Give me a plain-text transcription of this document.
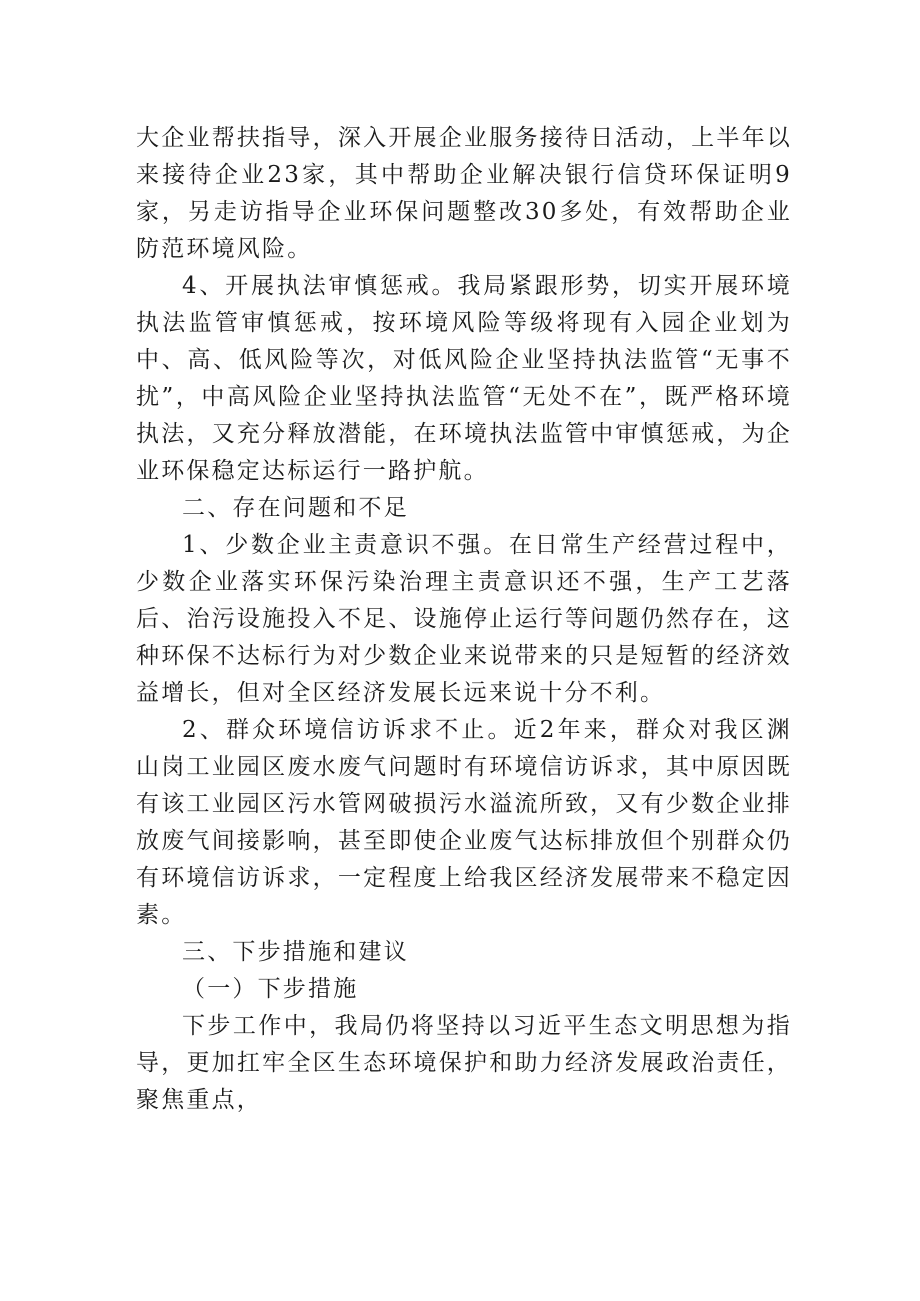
大企业帮扶指导，深入开展企业服务接待日活动，上半年以来接待企业23家，其中帮助企业解决银行信贷环保证明9家，另走访指导企业环保问题整改30多处，有效帮助企业防范环境风险。

4、开展执法审慎惩戒。我局紧跟形势，切实开展环境执法监管审慎惩戒，按环境风险等级将现有入园企业划为中、高、低风险等次，对低风险企业坚持执法监管“无事不扰”，中高风险企业坚持执法监管“无处不在”，既严格环境执法，又充分释放潜能，在环境执法监管中审慎惩戒，为企业环保稳定达标运行一路护航。

二、存在问题和不足

1、少数企业主责意识不强。在日常生产经营过程中，少数企业落实环保污染治理主责意识还不强，生产工艺落后、治污设施投入不足、设施停止运行等问题仍然存在，这种环保不达标行为对少数企业来说带来的只是短暂的经济效益增长，但对全区经济发展长远来说十分不利。

2、群众环境信访诉求不止。近2年来，群众对我区渊山岗工业园区废水废气问题时有环境信访诉求，其中原因既有该工业园区污水管网破损污水溢流所致，又有少数企业排放废气间接影响，甚至即使企业废气达标排放但个别群众仍有环境信访诉求，一定程度上给我区经济发展带来不稳定因素。

三、下步措施和建议

（一）下步措施

下步工作中，我局仍将坚持以习近平生态文明思想为指导，更加扛牢全区生态环境保护和助力经济发展政治责任，聚焦重点，
